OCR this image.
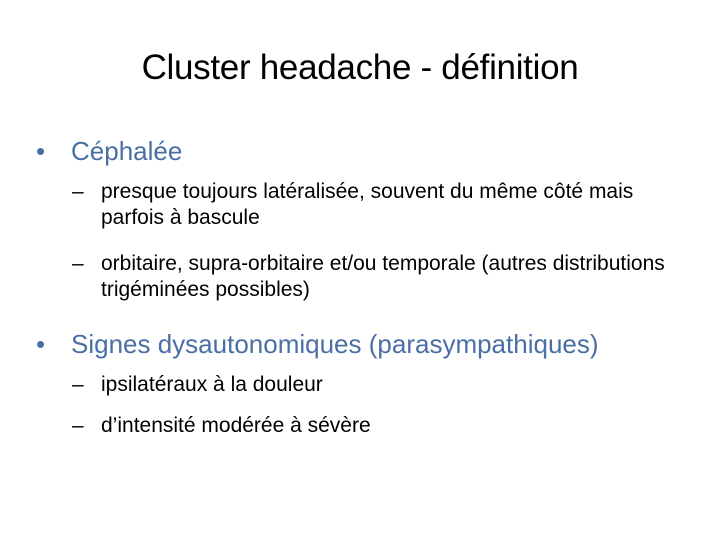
Cluster headache - définition
• Céphalée
– presque toujours latéralisée, souvent du même côté mais parfois à bascule
– orbitaire, supra-orbitaire et/ou temporale (autres distributions trigéminées possibles)
• Signes dysautonomiques (parasympathiques)
– ipsilatéraux à la douleur
– d’intensité modérée à sévère
